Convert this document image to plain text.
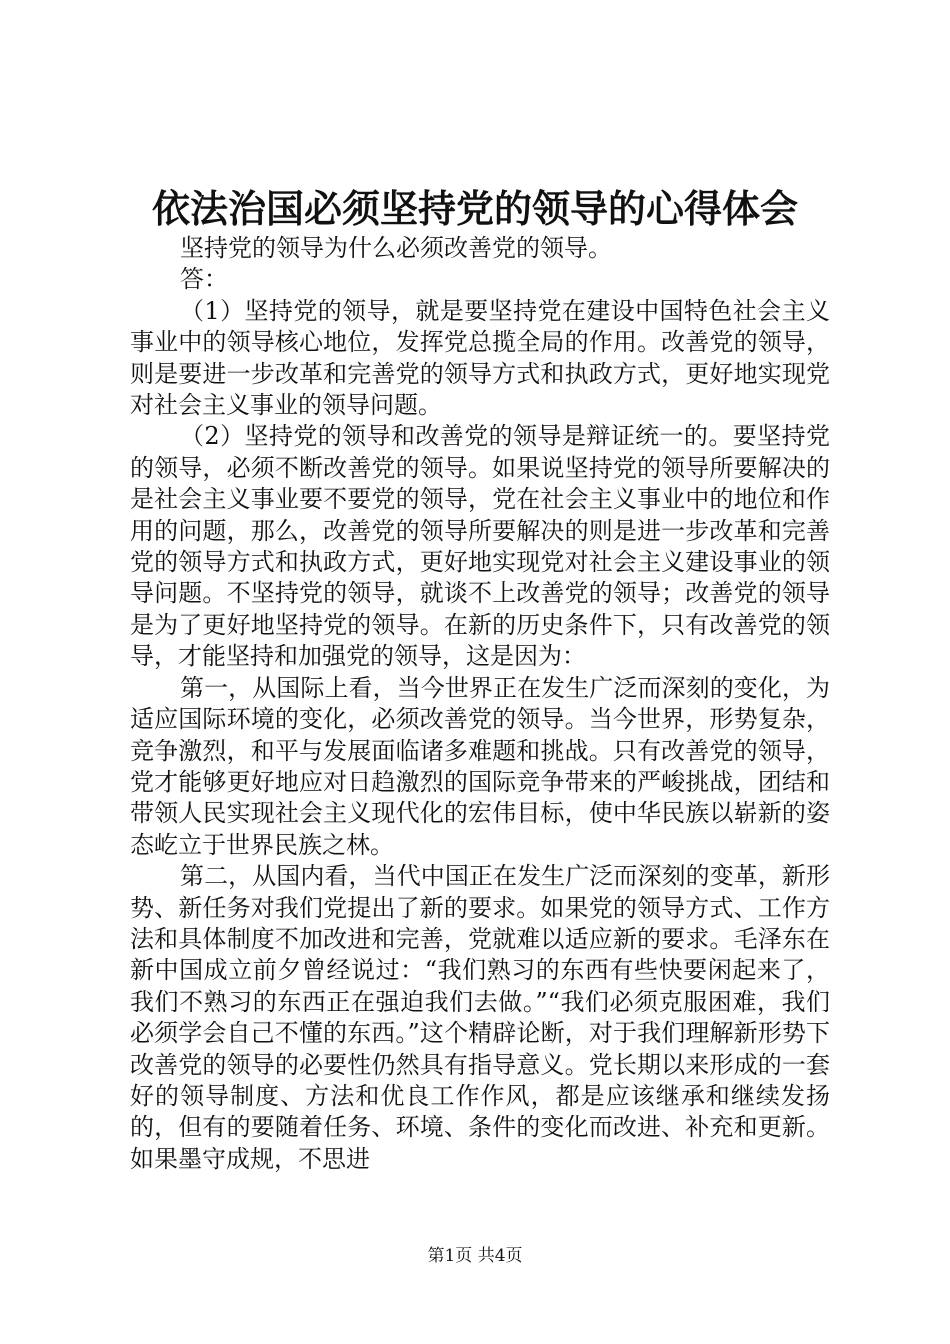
依法治国必须坚持党的领导的心得体会

坚持党的领导为什么必须改善党的领导。

答：

（1）坚持党的领导，就是要坚持党在建设中国特色社会主义事业中的领导核心地位，发挥党总揽全局的作用。改善党的领导，则是要进一步改革和完善党的领导方式和执政方式，更好地实现党对社会主义事业的领导问题。

（2）坚持党的领导和改善党的领导是辩证统一的。要坚持党的领导，必须不断改善党的领导。如果说坚持党的领导所要解决的是社会主义事业要不要党的领导，党在社会主义事业中的地位和作用的问题，那么，改善党的领导所要解决的则是进一步改革和完善党的领导方式和执政方式，更好地实现党对社会主义建设事业的领导问题。不坚持党的领导，就谈不上改善党的领导；改善党的领导是为了更好地坚持党的领导。在新的历史条件下，只有改善党的领导，才能坚持和加强党的领导，这是因为：

第一，从国际上看，当今世界正在发生广泛而深刻的变化，为适应国际环境的变化，必须改善党的领导。当今世界，形势复杂，竞争激烈，和平与发展面临诸多难题和挑战。只有改善党的领导，党才能够更好地应对日趋激烈的国际竞争带来的严峻挑战，团结和带领人民实现社会主义现代化的宏伟目标，使中华民族以崭新的姿态屹立于世界民族之林。

第二，从国内看，当代中国正在发生广泛而深刻的变革，新形势、新任务对我们党提出了新的要求。如果党的领导方式、工作方法和具体制度不加改进和完善，党就难以适应新的要求。毛泽东在新中国成立前夕曾经说过：“我们熟习的东西有些快要闲起来了，我们不熟习的东西正在强迫我们去做。”“我们必须克服困难，我们必须学会自己不懂的东西。”这个精辟论断，对于我们理解新形势下改善党的领导的必要性仍然具有指导意义。党长期以来形成的一套好的领导制度、方法和优良工作作风，都是应该继承和继续发扬的，但有的要随着任务、环境、条件的变化而改进、补充和更新。如果墨守成规，不思进

第1页 共4页
